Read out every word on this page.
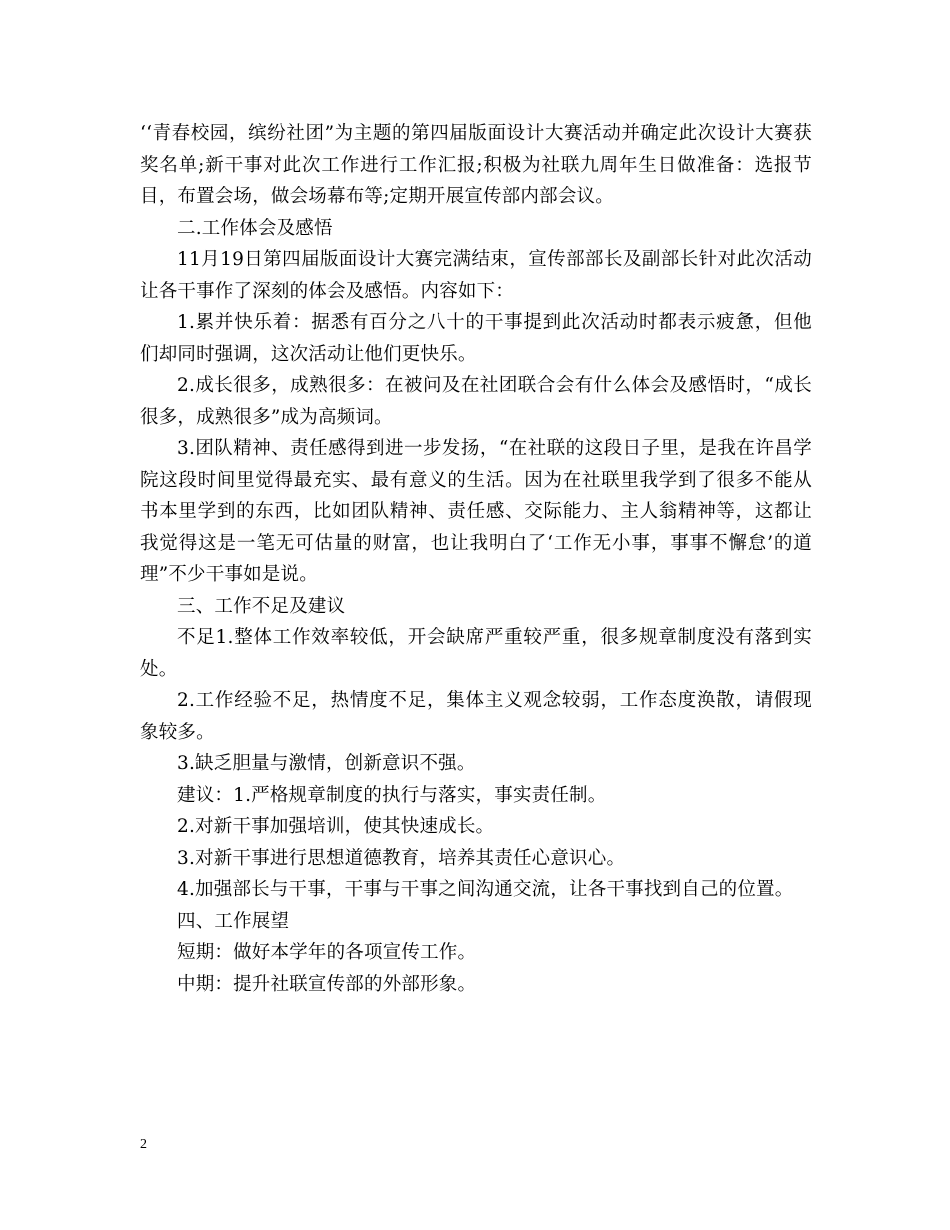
‘‘青春校园，缤纷社团”为主题的第四届版面设计大赛活动并确定此次设计大赛获奖名单;新干事对此次工作进行工作汇报;积极为社联九周年生日做准备：选报节目，布置会场，做会场幕布等;定期开展宣传部内部会议。

二.工作体会及感悟

11月19日第四届版面设计大赛完满结束，宣传部部长及副部长针对此次活动让各干事作了深刻的体会及感悟。内容如下：

1.累并快乐着：据悉有百分之八十的干事提到此次活动时都表示疲惫，但他们却同时强调，这次活动让他们更快乐。

2.成长很多，成熟很多：在被问及在社团联合会有什么体会及感悟时，“成长很多，成熟很多”成为高频词。

3.团队精神、责任感得到进一步发扬，“在社联的这段日子里，是我在许昌学院这段时间里觉得最充实、最有意义的生活。因为在社联里我学到了很多不能从书本里学到的东西，比如团队精神、责任感、交际能力、主人翁精神等，这都让我觉得这是一笔无可估量的财富，也让我明白了‘工作无小事，事事不懈怠’的道理”不少干事如是说。

三、工作不足及建议

不足1.整体工作效率较低，开会缺席严重较严重，很多规章制度没有落到实处。

2.工作经验不足，热情度不足，集体主义观念较弱，工作态度涣散，请假现象较多。

3.缺乏胆量与激情，创新意识不强。

建议：1.严格规章制度的执行与落实，事实责任制。

2.对新干事加强培训，使其快速成长。

3.对新干事进行思想道德教育，培养其责任心意识心。

4.加强部长与干事，干事与干事之间沟通交流，让各干事找到自己的位置。

四、工作展望

短期：做好本学年的各项宣传工作。

中期：提升社联宣传部的外部形象。

2
